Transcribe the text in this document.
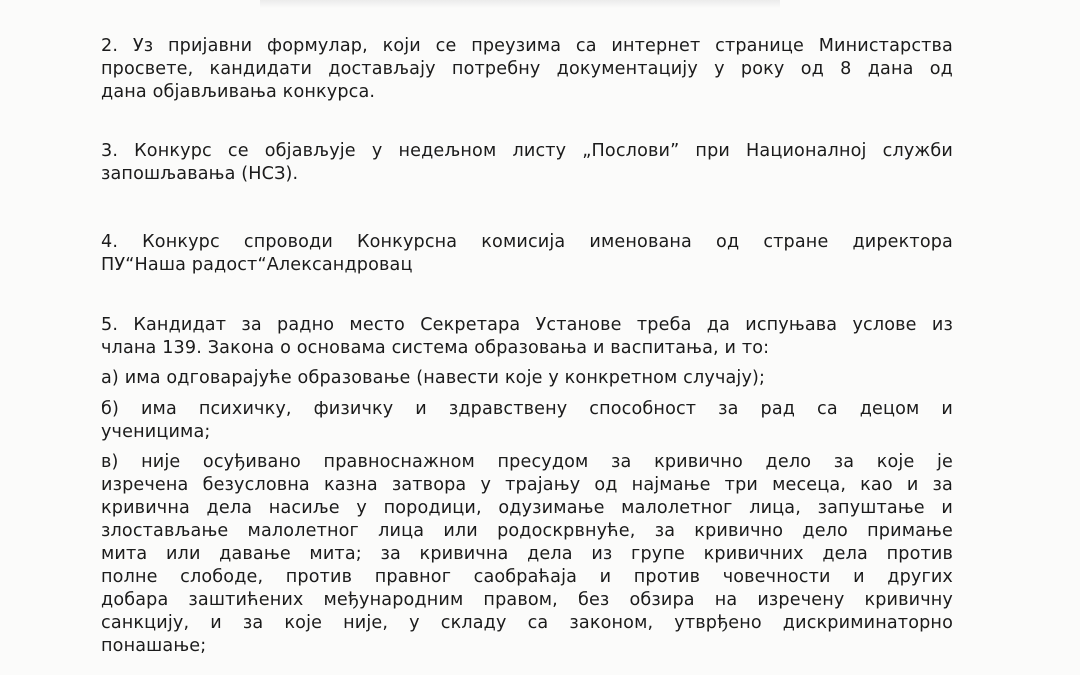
2. Уз пријавни формулар, који се преузима са интернет странице Министарства
просвете, кандидати достављају потребну документацију у року од 8 дана од
дана објављивања конкурса.
3. Конкурс се објављује у недељном листу „Послови” при Националној служби
запошљавања (НСЗ).
4. Конкурс спроводи Конкурсна комисија именована од стране директора
ПУ“Наша радост“Александровац
5. Кандидат за радно место Секретара Установе треба да испуњава услове из
члана 139. Закона о основама система образовања и васпитања, и то:
а) има одговарајуће образовање (навести које у конкретном случају);
б) има психичку, физичку и здравствену способност за рад са децом и
ученицима;
в) није осуђивано правноснажном пресудом за кривично дело за које је
изречена безусловна казна затвора у трајању од најмање три месеца, као и за
кривична дела насиље у породици, одузимање малолетног лица, запуштање и
злостављање малолетног лица или родоскрвнуће, за кривично дело примање
мита или давање мита; за кривична дела из групе кривичних дела против
полне слободе, против правног саобраћаја и против човечности и других
добара заштићених међународним правом, без обзира на изречену кривичну
санкцију, и за које није, у складу са законом, утврђено дискриминаторно
понашање;
